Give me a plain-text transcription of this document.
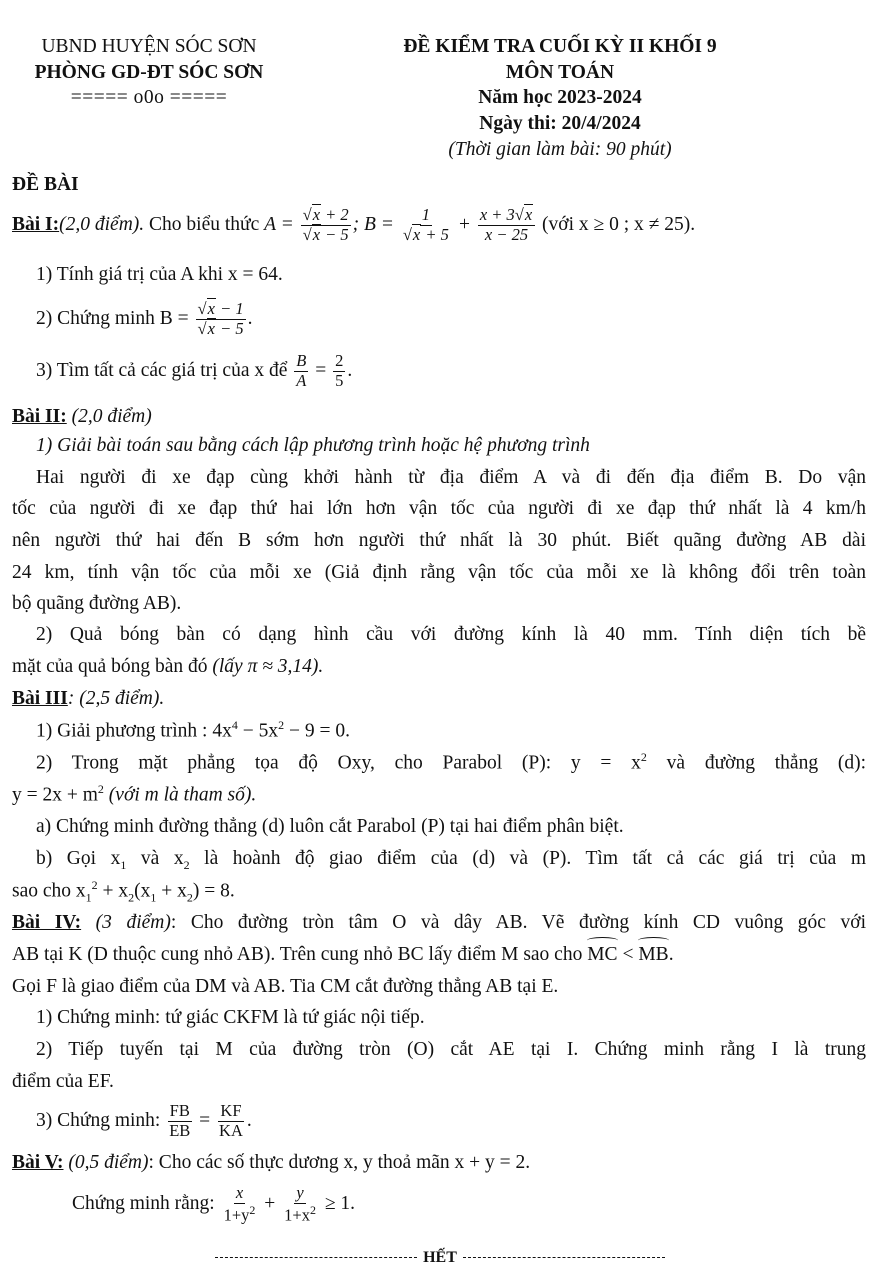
UBND HUYỆN SÓC SƠN
PHÒNG GD-ĐT SÓC SƠN
===== o0o =====
ĐỀ KIỂM TRA CUỐI KỲ II KHỐI 9
MÔN TOÁN
Năm học 2023-2024
Ngày thi: 20/4/2024
(Thời gian làm bài: 90 phút)
ĐỀ BÀI
Bài I:(2,0 điểm). Cho biểu thức $A = \frac{√x + 2}{√x - 5}$ ; $B = \frac{1}{√x + 5} + \frac{x + 3√x}{x - 25}$ (với x ≥ 0 ; x ≠ 25).
1) Tính giá trị của A khi x = 64.
2) Chứng minh $B = \frac{√x - 1}{√x - 5}$ .
3) Tìm tất cả các giá trị của x để $\frac{B}{A} = \frac{2}{5}$ .
Bài II: (2,0 điểm)
1) Giải bài toán sau bằng cách lập phương trình hoặc hệ phương trình
Hai người đi xe đạp cùng khởi hành từ địa điểm A và đi đến địa điểm B. Do vận
tốc của người đi xe đạp thứ hai lớn hơn vận tốc của người đi xe đạp thứ nhất là 4 km/h
nên người thứ hai đến B sớm hơn người thứ nhất là 30 phút. Biết quãng đường AB dài
24 km, tính vận tốc của mỗi xe (Giả định rằng vận tốc của mỗi xe là không đổi trên toàn
bộ quãng đường AB).
2) Quả bóng bàn có dạng hình cầu với đường kính là 40 mm. Tính diện tích bề
mặt của quả bóng bàn đó (lấy π ≈ 3,14).
Bài III: (2,5 điểm).
1) Giải phương trình : $4x^4 - 5x^2 - 9 = 0$.
2) Trong mặt phẳng tọa độ Oxy, cho Parabol (P): $y = x^2$ và đường thẳng (d):
$y = 2x + m^2$ (với m là tham số).
a) Chứng minh đường thẳng (d) luôn cắt Parabol (P) tại hai điểm phân biệt.
b) Gọi $x_1$ và $x_2$ là hoành độ giao điểm của (d) và (P). Tìm tất cả các giá trị của m
sao cho $x_1^2 + x_2(x_1 + x_2) = 8$.
Bài IV: (3 điểm): Cho đường tròn tâm O và dây AB. Vẽ đường kính CD vuông góc với
AB tại K (D thuộc cung nhỏ AB). Trên cung nhỏ BC lấy điểm M sao cho MC < MB.
Gọi F là giao điểm của DM và AB. Tia CM cắt đường thẳng AB tại E.
1) Chứng minh: tứ giác CKFM là tứ giác nội tiếp.
2) Tiếp tuyến tại M của đường tròn (O) cắt AE tại I. Chứng minh rằng I là trung
điểm của EF.
3) Chứng minh: $\frac{FB}{EB} = \frac{KF}{KA}$ .
Bài V: (0,5 điểm): Cho các số thực dương x, y thoả mãn x + y = 2.
Chứng minh rằng: $\frac{x}{1+y^2} + \frac{y}{1+x^2} \ge 1$.
HẾT
